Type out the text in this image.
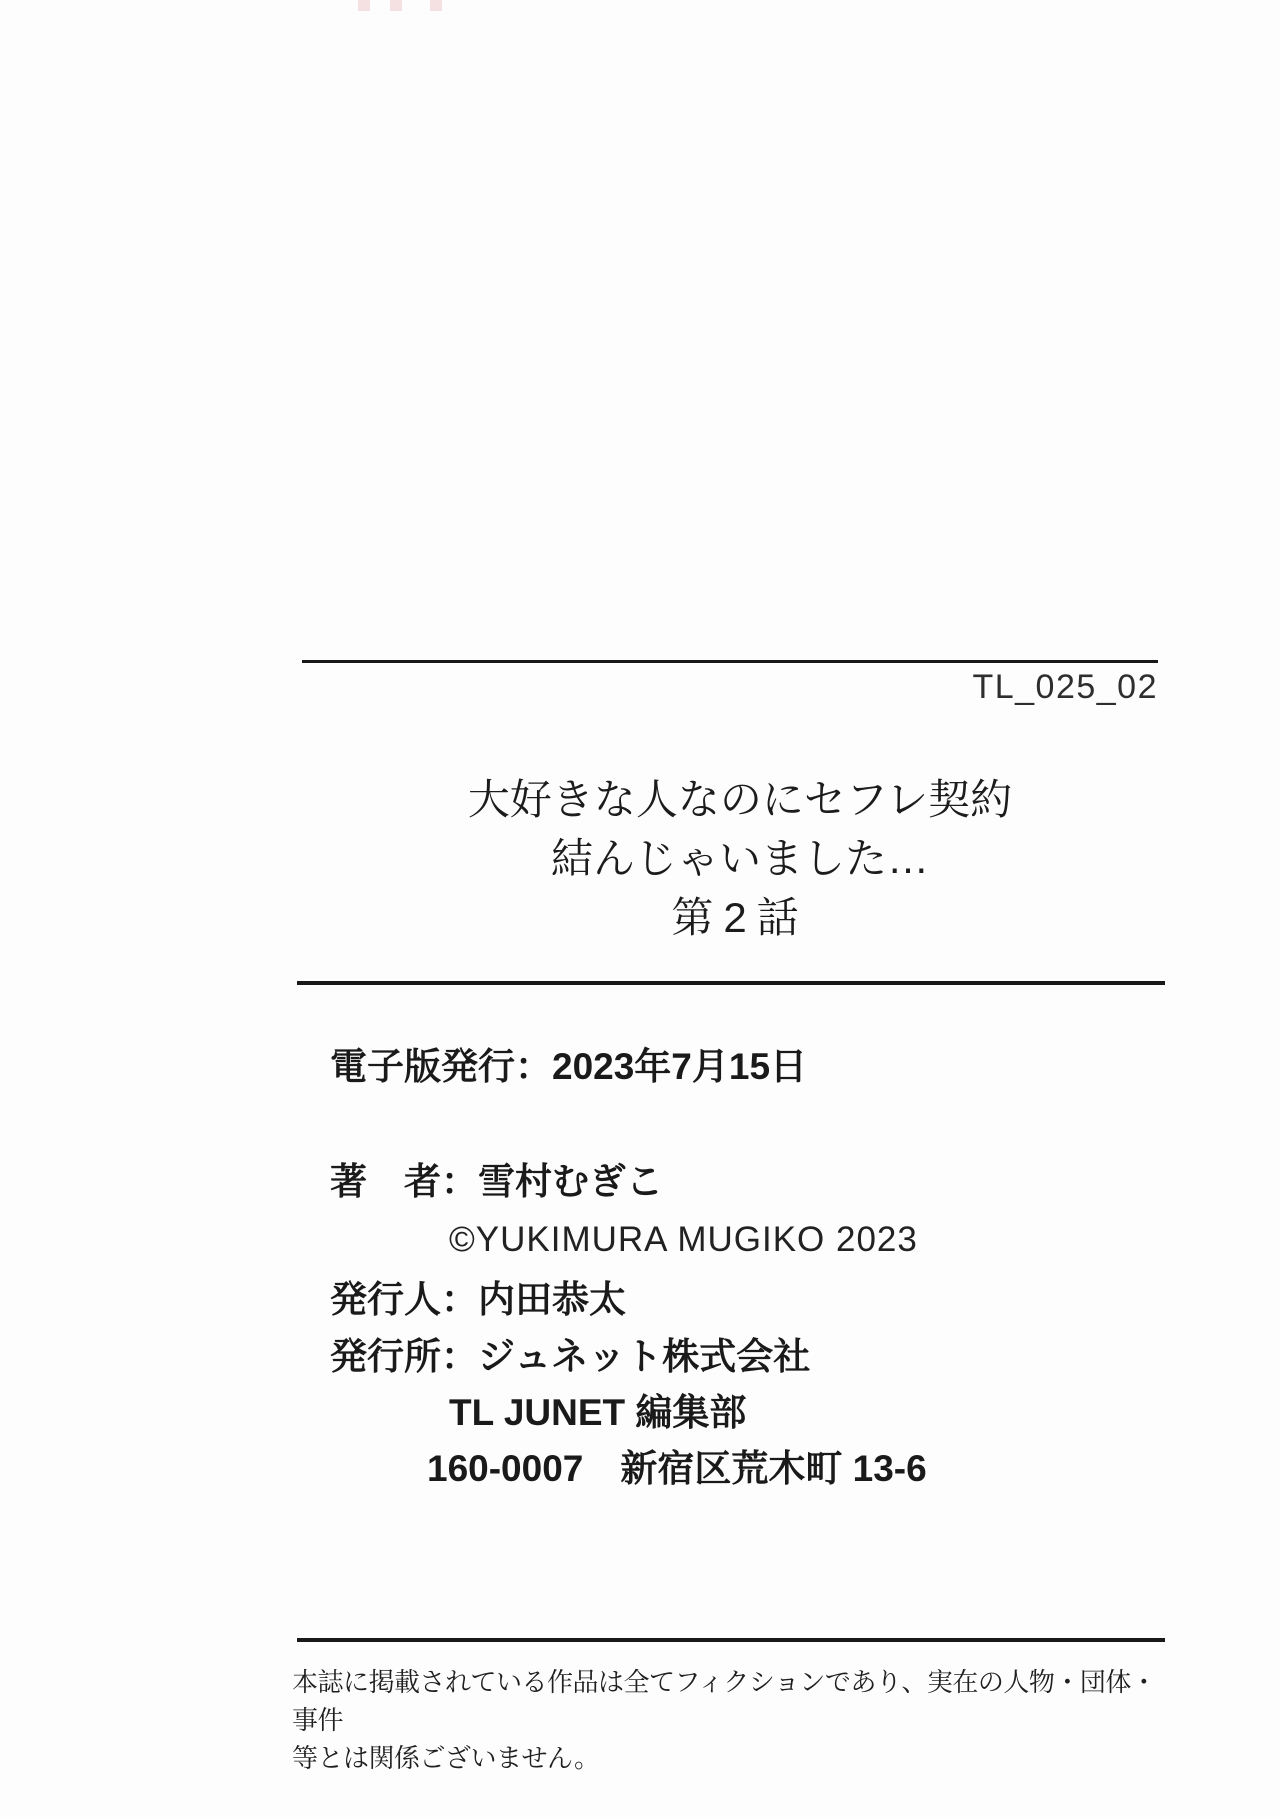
TL_025_02
大好きな人なのにセフレ契約
結んじゃいました…
第2話
電子版発行：2023年7月15日
著　者：雪村むぎこ
©YUKIMURA MUGIKO 2023
発行人：内田恭太
発行所：ジュネット株式会社
TL JUNET 編集部
160-0007　新宿区荒木町 13-6
本誌に掲載されている作品は全てフィクションであり、実在の人物・団体・事件
等とは関係ございません。
